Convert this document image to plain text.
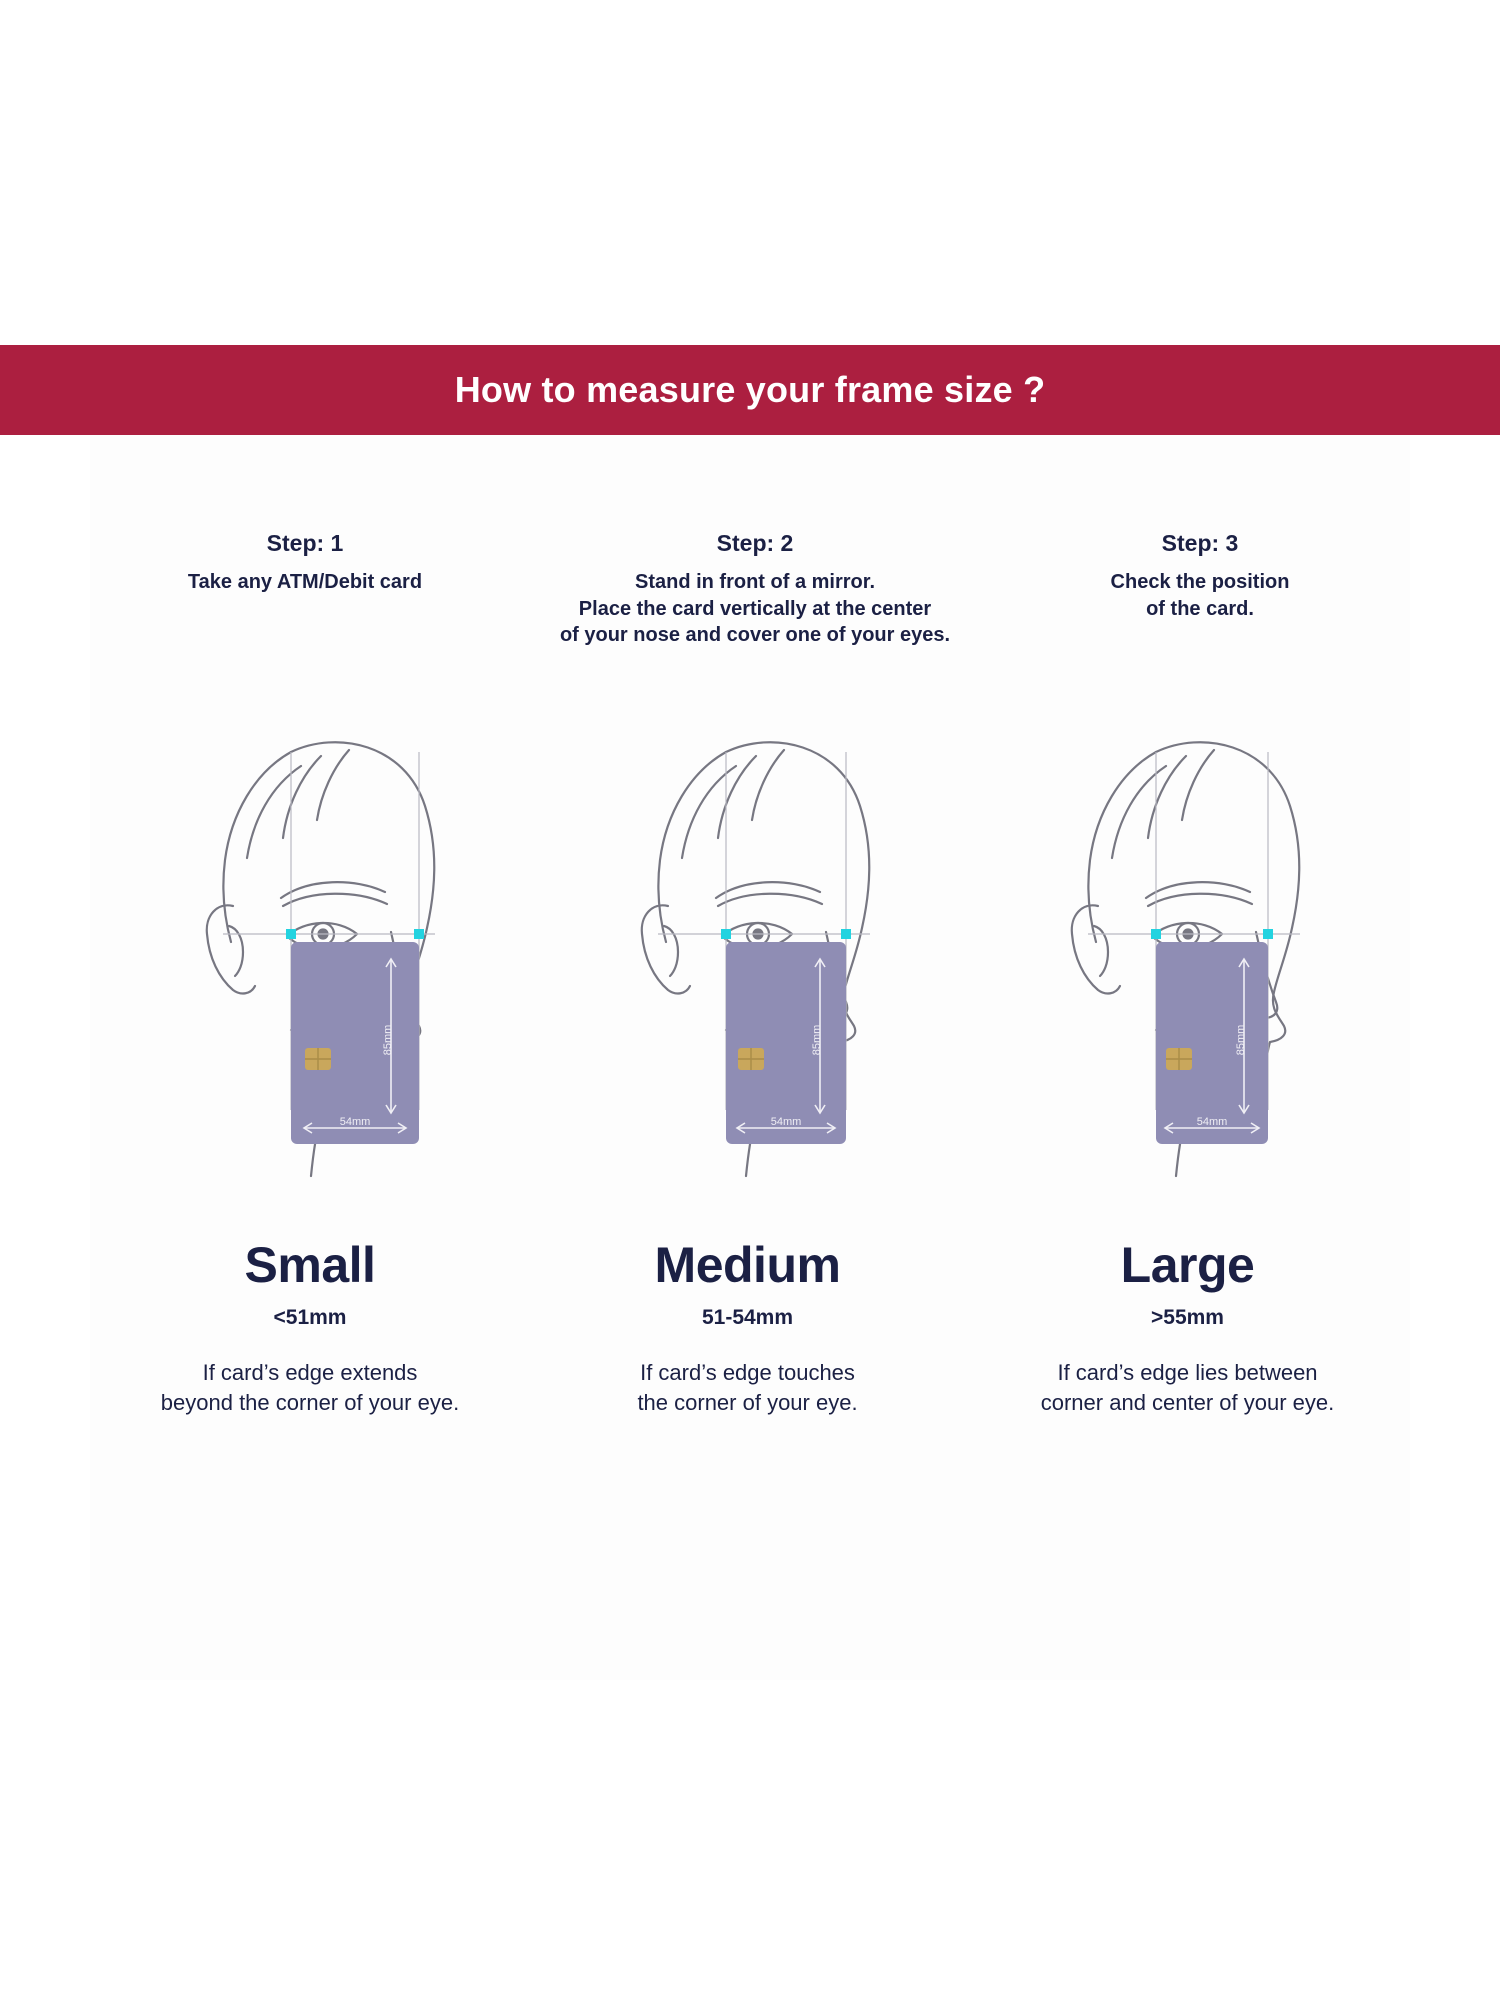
How to measure your frame size ?
Step: 1
Take any ATM/Debit card
Step: 2
Stand in front of a mirror.
Place the card vertically at the center
of your nose and cover one of your eyes.
Step: 3
Check the position
of the card.
85mm
54mm
85mm
54mm
85mm
54mm
Small
<51mm
If card’s edge extends
beyond the corner of your eye.
Medium
51-54mm
If card’s edge touches
the corner of your eye.
Large
>55mm
If card’s edge lies between
corner and center of your eye.
